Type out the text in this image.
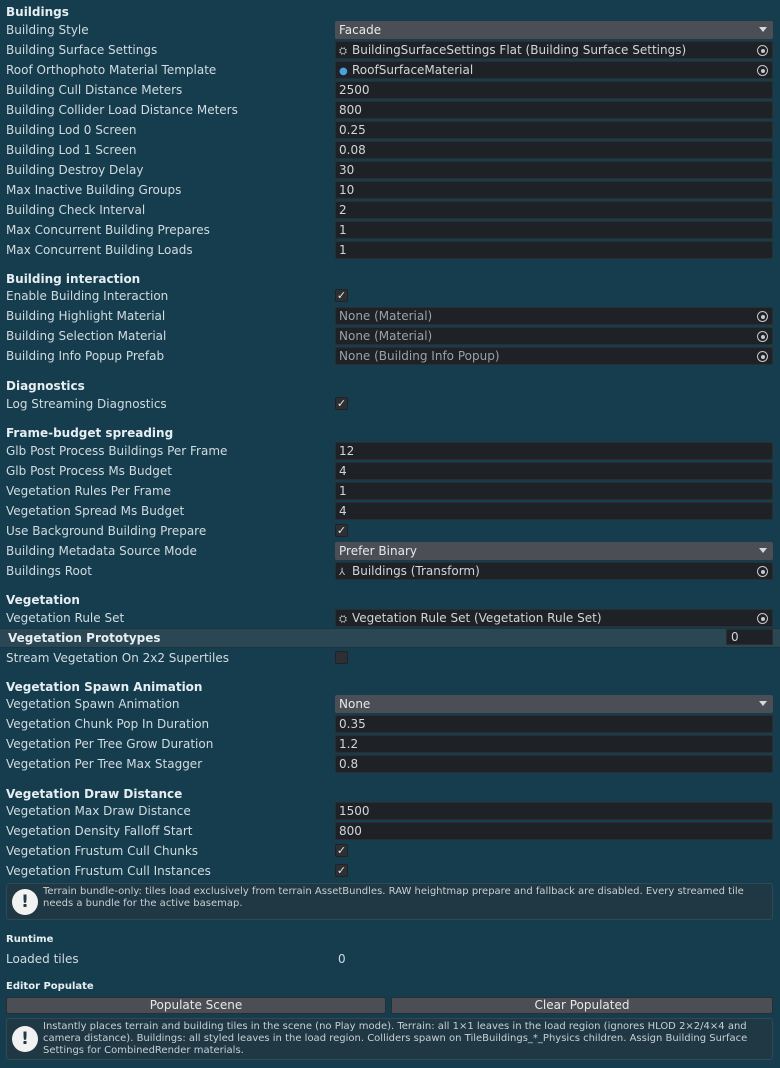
Buildings
Building Style	Facade
Building Surface Settings	⛭ BuildingSurfaceSettings Flat (Building Surface Settings)
Roof Orthophoto Material Template	● RoofSurfaceMaterial
Building Cull Distance Meters	2500
Building Collider Load Distance Meters	800
Building Lod 0 Screen	0.25
Building Lod 1 Screen	0.08
Building Destroy Delay	30
Max Inactive Building Groups	10
Building Check Interval	2
Max Concurrent Building Prepares	1
Max Concurrent Building Loads	1
Building interaction
Enable Building Interaction	✓
Building Highlight Material	None (Material)
Building Selection Material	None (Material)
Building Info Popup Prefab	None (Building Info Popup)
Diagnostics
Log Streaming Diagnostics	✓
Frame-budget spreading
Glb Post Process Buildings Per Frame	12
Glb Post Process Ms Budget	4
Vegetation Rules Per Frame	1
Vegetation Spread Ms Budget	4
Use Background Building Prepare	✓
Building Metadata Source Mode	Prefer Binary
Buildings Root	⅄ Buildings (Transform)
Vegetation
Vegetation Rule Set	⛭ Vegetation Rule Set (Vegetation Rule Set)
Vegetation Prototypes	0
Stream Vegetation On 2x2 Supertiles
Vegetation Spawn Animation
Vegetation Spawn Animation	None
Vegetation Chunk Pop In Duration	0.35
Vegetation Per Tree Grow Duration	1.2
Vegetation Per Tree Max Stagger	0.8
Vegetation Draw Distance
Vegetation Max Draw Distance	1500
Vegetation Density Falloff Start	800
Vegetation Frustum Cull Chunks	✓
Vegetation Frustum Cull Instances	✓
!
Terrain bundle-only: tiles load exclusively from terrain AssetBundles. RAW heightmap prepare and fallback are disabled. Every streamed tile needs a bundle for the active basemap.
Runtime
Loaded tiles	0
Editor Populate
Populate Scene	Clear Populated
!
Instantly places terrain and building tiles in the scene (no Play mode). Terrain: all 1×1 leaves in the load region (ignores HLOD 2×2/4×4 and camera distance). Buildings: all styled leaves in the load region. Colliders spawn on TileBuildings_*_Physics children. Assign Building Surface Settings for CombinedRender materials.
